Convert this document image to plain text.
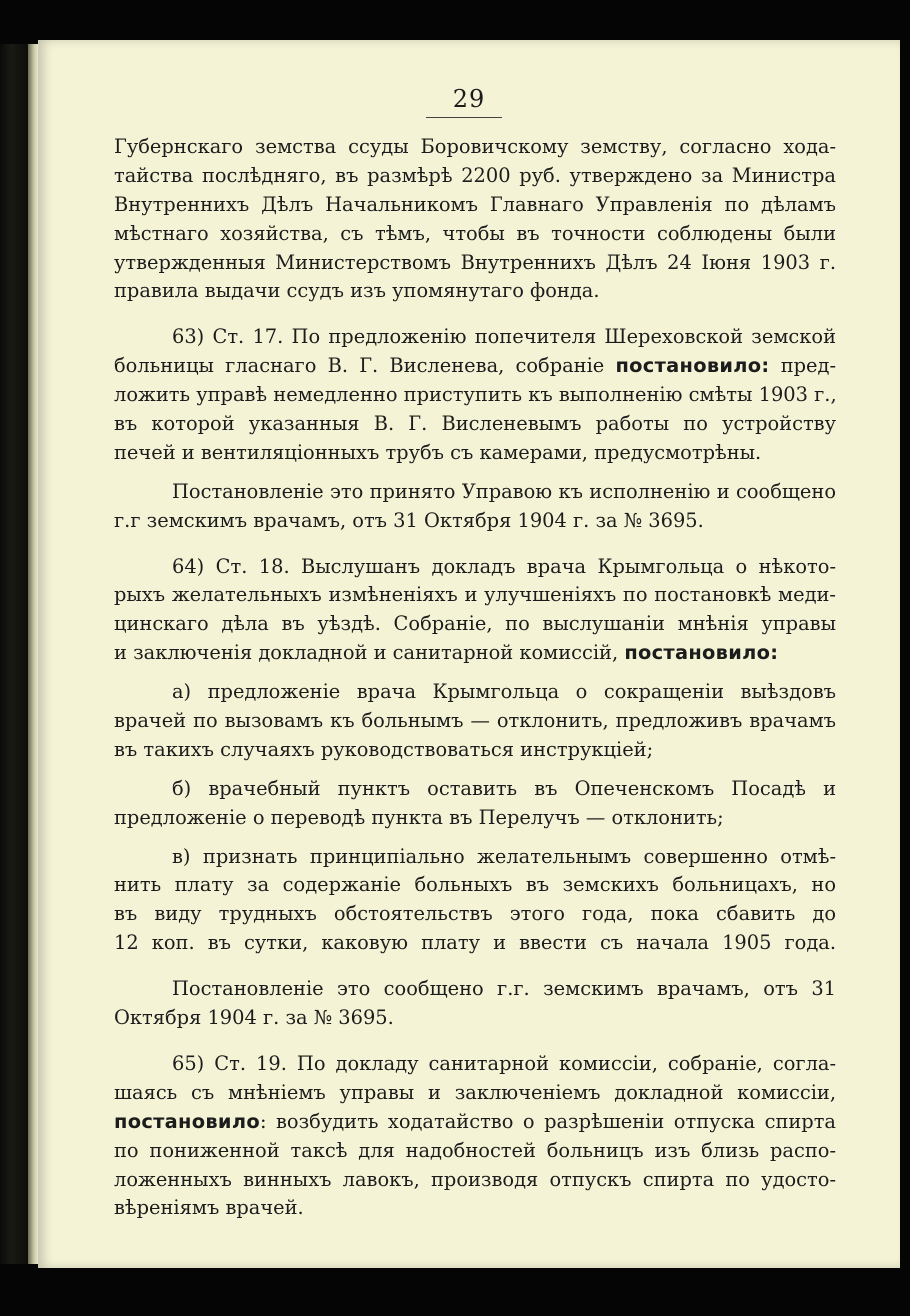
29
Губернскаго земства ссуды Боровичскому земству, согласно хода-
тайства послѣдняго, въ размѣрѣ 2200 руб. утверждено за Министра
Внутреннихъ Дѣлъ Начальникомъ Главнаго Управленія по дѣламъ
мѣстнаго хозяйства, съ тѣмъ, чтобы въ точности соблюдены были
утвержденныя Министерствомъ Внутреннихъ Дѣлъ 24 Іюня 1903 г.
правила выдачи ссудъ изъ упомянутаго фонда.
63) Ст. 17. По предложенію попечителя Шереховской земской
больницы гласнаго В. Г. Висленева, собраніе постановило: пред-
ложить управѣ немедленно приступить къ выполненію смѣты 1903 г.,
въ которой указанныя В. Г. Висленевымъ работы по устройству
печей и вентиляціонныхъ трубъ съ камерами, предусмотрѣны.
Постановленіе это принято Управою къ исполненію и сообщено
г.г земскимъ врачамъ, отъ 31 Октября 1904 г. за № 3695.
64) Ст. 18. Выслушанъ докладъ врача Крымгольца о нѣкото-
рыхъ желательныхъ измѣненіяхъ и улучшеніяхъ по постановкѣ меди-
цинскаго дѣла въ уѣздѣ. Собраніе, по выслушаніи мнѣнія управы
и заключенія докладной и санитарной комиссій, постановило:
а) предложеніе врача Крымгольца о сокращеніи выѣздовъ
врачей по вызовамъ къ больнымъ — отклонить, предложивъ врачамъ
въ такихъ случаяхъ руководствоваться инструкціей;
б) врачебный пунктъ оставить въ Опеченскомъ Посадѣ и
предложеніе о переводѣ пункта въ Перелучъ — отклонить;
в) признать принципіально желательнымъ совершенно отмѣ-
нить плату за содержаніе больныхъ въ земскихъ больницахъ, но
въ виду трудныхъ обстоятельствъ этого года, пока сбавить до
12 коп. въ сутки, каковую плату и ввести съ начала 1905 года.
Постановленіе это сообщено г.г. земскимъ врачамъ, отъ 31
Октября 1904 г. за № 3695.
65) Ст. 19. По докладу санитарной комиссіи, собраніе, согла-
шаясь съ мнѣніемъ управы и заключеніемъ докладной комиссіи,
постановило: возбудить ходатайство о разрѣшеніи отпуска спирта
по пониженной таксѣ для надобностей больницъ изъ близь распо-
ложенныхъ винныхъ лавокъ, производя отпускъ спирта по удосто-
вѣреніямъ врачей.
